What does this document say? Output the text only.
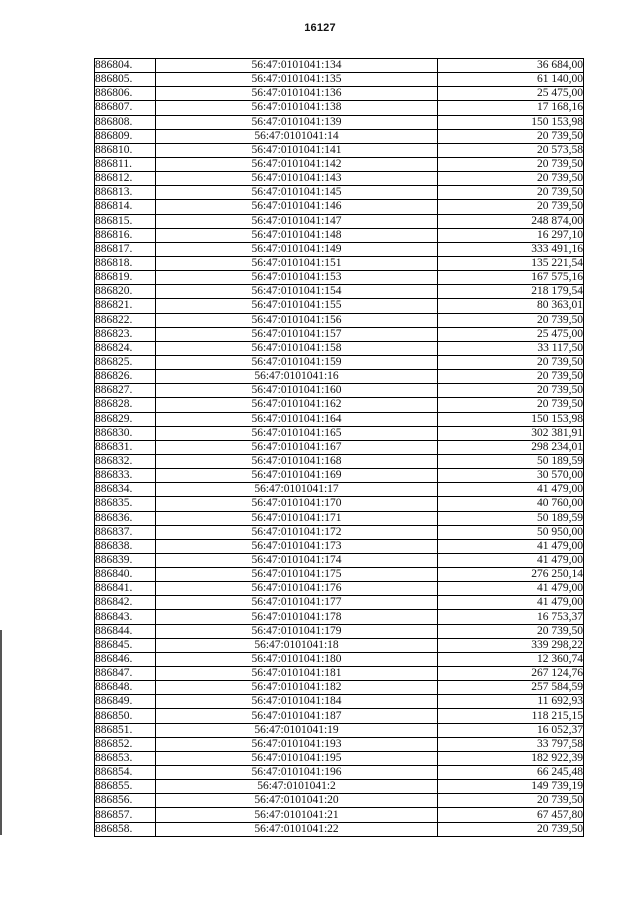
16127
886804.	56:47:0101041:134	36 684,00
886805.	56:47:0101041:135	61 140,00
886806.	56:47:0101041:136	25 475,00
886807.	56:47:0101041:138	17 168,16
886808.	56:47:0101041:139	150 153,98
886809.	56:47:0101041:14	20 739,50
886810.	56:47:0101041:141	20 573,58
886811.	56:47:0101041:142	20 739,50
886812.	56:47:0101041:143	20 739,50
886813.	56:47:0101041:145	20 739,50
886814.	56:47:0101041:146	20 739,50
886815.	56:47:0101041:147	248 874,00
886816.	56:47:0101041:148	16 297,10
886817.	56:47:0101041:149	333 491,16
886818.	56:47:0101041:151	135 221,54
886819.	56:47:0101041:153	167 575,16
886820.	56:47:0101041:154	218 179,54
886821.	56:47:0101041:155	80 363,01
886822.	56:47:0101041:156	20 739,50
886823.	56:47:0101041:157	25 475,00
886824.	56:47:0101041:158	33 117,50
886825.	56:47:0101041:159	20 739,50
886826.	56:47:0101041:16	20 739,50
886827.	56:47:0101041:160	20 739,50
886828.	56:47:0101041:162	20 739,50
886829.	56:47:0101041:164	150 153,98
886830.	56:47:0101041:165	302 381,91
886831.	56:47:0101041:167	298 234,01
886832.	56:47:0101041:168	50 189,59
886833.	56:47:0101041:169	30 570,00
886834.	56:47:0101041:17	41 479,00
886835.	56:47:0101041:170	40 760,00
886836.	56:47:0101041:171	50 189,59
886837.	56:47:0101041:172	50 950,00
886838.	56:47:0101041:173	41 479,00
886839.	56:47:0101041:174	41 479,00
886840.	56:47:0101041:175	276 250,14
886841.	56:47:0101041:176	41 479,00
886842.	56:47:0101041:177	41 479,00
886843.	56:47:0101041:178	16 753,37
886844.	56:47:0101041:179	20 739,50
886845.	56:47:0101041:18	339 298,22
886846.	56:47:0101041:180	12 360,74
886847.	56:47:0101041:181	267 124,76
886848.	56:47:0101041:182	257 584,59
886849.	56:47:0101041:184	11 692,93
886850.	56:47:0101041:187	118 215,15
886851.	56:47:0101041:19	16 052,37
886852.	56:47:0101041:193	33 797,58
886853.	56:47:0101041:195	182 922,39
886854.	56:47:0101041:196	66 245,48
886855.	56:47:0101041:2	149 739,19
886856.	56:47:0101041:20	20 739,50
886857.	56:47:0101041:21	67 457,80
886858.	56:47:0101041:22	20 739,50
